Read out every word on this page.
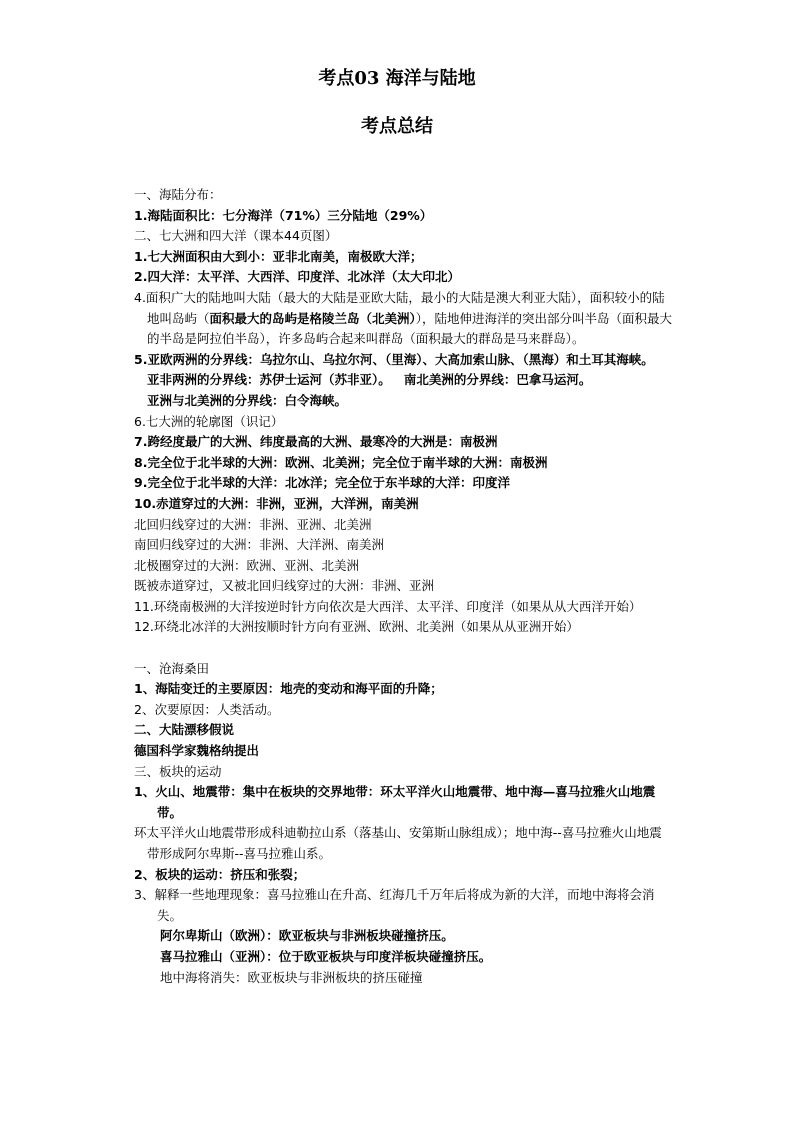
考点03 海洋与陆地
考点总结
一、海陆分布：
1.海陆面积比：七分海洋（71%）三分陆地（29%）
二、七大洲和四大洋（课本44页图）
1.七大洲面积由大到小：亚非北南美，南极欧大洋；
2.四大洋：太平洋、大西洋、印度洋、北冰洋（太大印北）
4.面积广大的陆地叫大陆（最大的大陆是亚欧大陆，最小的大陆是澳大利亚大陆），面积较小的陆地叫岛屿（面积最大的岛屿是格陵兰岛（北美洲）），陆地伸进海洋的突出部分叫半岛（面积最大的半岛是阿拉伯半岛），许多岛屿合起来叫群岛（面积最大的群岛是马来群岛）。
5.亚欧两洲的分界线：乌拉尔山、乌拉尔河、（里海）、大高加索山脉、（黑海）和土耳其海峡。
亚非两洲的分界线：苏伊士运河（苏非亚）。 南北美洲的分界线：巴拿马运河。
亚洲与北美洲的分界线：白令海峡。
6.七大洲的轮廓图（识记）
7.跨经度最广的大洲、纬度最高的大洲、最寒冷的大洲是：南极洲
8.完全位于北半球的大洲：欧洲、北美洲；完全位于南半球的大洲：南极洲
9.完全位于北半球的大洋：北冰洋；完全位于东半球的大洋：印度洋
10.赤道穿过的大洲：非洲，亚洲，大洋洲，南美洲
北回归线穿过的大洲：非洲、亚洲、北美洲
南回归线穿过的大洲：非洲、大洋洲、南美洲
北极圈穿过的大洲：欧洲、亚洲、北美洲
既被赤道穿过，又被北回归线穿过的大洲：非洲、亚洲
11.环绕南极洲的大洋按逆时针方向依次是大西洋、太平洋、印度洋（如果从从大西洋开始）
12.环绕北冰洋的大洲按顺时针方向有亚洲、欧洲、北美洲（如果从从亚洲开始）
一、沧海桑田
1、海陆变迁的主要原因：地壳的变动和海平面的升降；
2、次要原因：人类活动。
二、大陆漂移假说
德国科学家魏格纳提出
三、板块的运动
1、火山、地震带：集中在板块的交界地带：环太平洋火山地震带、地中海—喜马拉雅火山地震带。
环太平洋火山地震带形成科迪勒拉山系（落基山、安第斯山脉组成）；地中海--喜马拉雅火山地震带形成阿尔卑斯--喜马拉雅山系。
2、板块的运动：挤压和张裂；
3、解释一些地理现象：喜马拉雅山在升高、红海几千万年后将成为新的大洋，而地中海将会消失。
阿尔卑斯山（欧洲）：欧亚板块与非洲板块碰撞挤压。
喜马拉雅山（亚洲）：位于欧亚板块与印度洋板块碰撞挤压。
地中海将消失：欧亚板块与非洲板块的挤压碰撞
